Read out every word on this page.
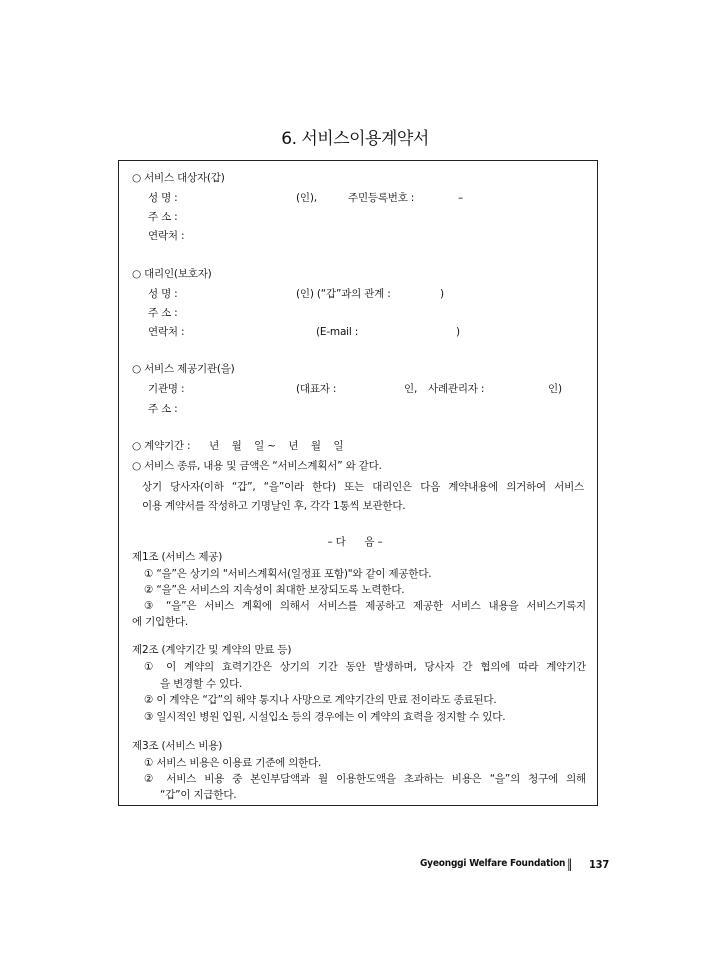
6. 서비스이용계약서
○ 서비스 대상자(갑)
성 명 :	(인),	주민등록번호 :	–
주 소 :
연락처 :
○ 대리인(보호자)
성 명 :	(인) (“갑”과의 관계 :	)
주 소 :
연락처 :	(E-mail :	)
○ 서비스 제공기관(을)
기관명 :	(대표자 :	인, 사례관리자 :	인)
주 소 :
○ 계약기간 :      년    월    일 ~    년    월    일
○ 서비스 종류, 내용 및 금액은 “서비스계획서” 와 같다.
상기 당사자(이하 “갑”, “을”이라 한다) 또는 대리인은 다음 계약내용에 의거하여 서비스
이용 계약서를 작성하고 기명날인 후, 각각 1통씩 보관한다.
– 다      음 –
제1조 (서비스 제공)
① “을”은 상기의 "서비스계획서(일정표 포함)"와 같이 제공한다.
② “을”은 서비스의 지속성이 최대한 보장되도록 노력한다.
③ “을”은 서비스 계획에 의해서 서비스를 제공하고 제공한 서비스 내용을 서비스기록지
에 기입한다.
제2조 (계약기간 및 계약의 만료 등)
① 이 계약의 효력기간은 상기의 기간 동안 발생하며, 당사자 간 협의에 따라 계약기간
을 변경할 수 있다.
② 이 계약은 “갑”의 해약 통지나 사망으로 계약기간의 만료 전이라도 종료된다.
③ 일시적인 병원 입원, 시설입소 등의 경우에는 이 계약의 효력을 정지할 수 있다.
제3조 (서비스 비용)
① 서비스 비용은 이용료 기준에 의한다.
② 서비스 비용 중 본인부담액과 월 이용한도액을 초과하는 비용은 “을”의 청구에 의해
“갑”이 지급한다.
Gyeonggi Welfare Foundation ‖ 137
